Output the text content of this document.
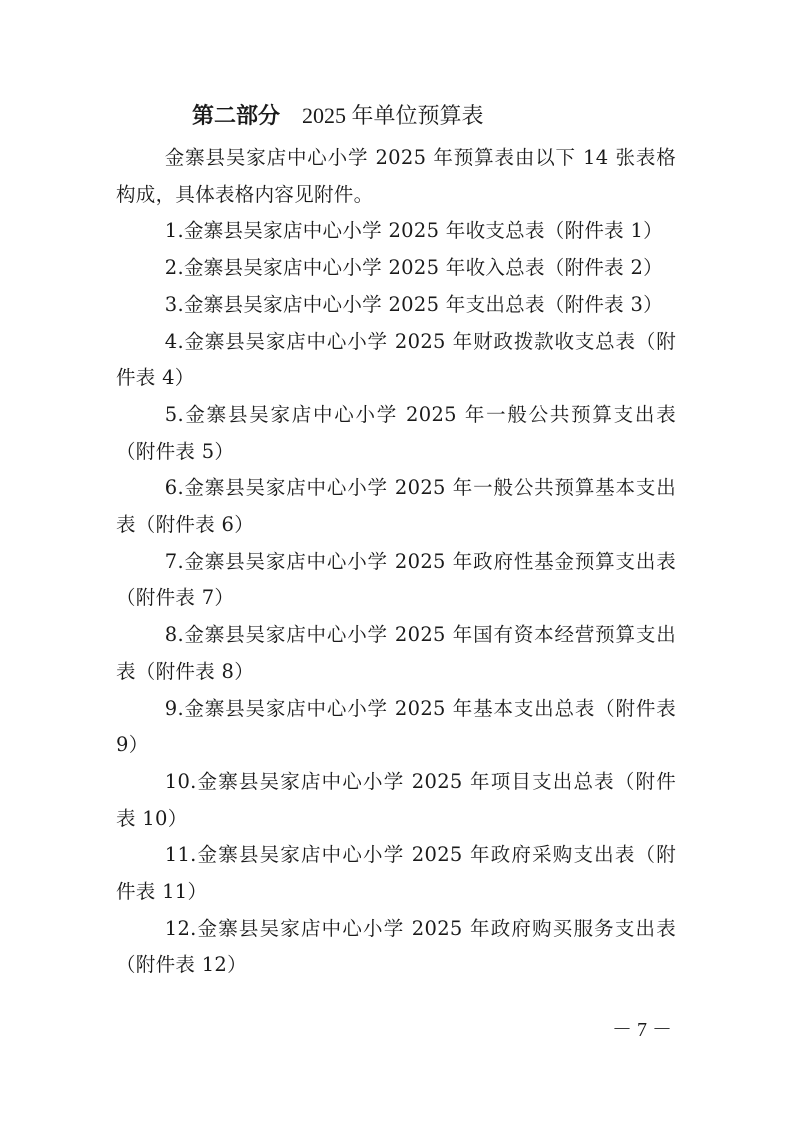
第二部分 2025 年单位预算表

金寨县吴家店中心小学 2025 年预算表由以下 14 张表格构成，具体表格内容见附件。

1.金寨县吴家店中心小学 2025 年收支总表（附件表 1）

2.金寨县吴家店中心小学 2025 年收入总表（附件表 2）

3.金寨县吴家店中心小学 2025 年支出总表（附件表 3）

4.金寨县吴家店中心小学 2025 年财政拨款收支总表（附件表 4）

5.金寨县吴家店中心小学 2025 年一般公共预算支出表（附件表 5）

6.金寨县吴家店中心小学 2025 年一般公共预算基本支出表（附件表 6）

7.金寨县吴家店中心小学 2025 年政府性基金预算支出表（附件表 7）

8.金寨县吴家店中心小学 2025 年国有资本经营预算支出表（附件表 8）

9.金寨县吴家店中心小学 2025 年基本支出总表（附件表 9）

10.金寨县吴家店中心小学 2025 年项目支出总表（附件表 10）

11.金寨县吴家店中心小学 2025 年政府采购支出表（附件表 11）

12.金寨县吴家店中心小学 2025 年政府购买服务支出表（附件表 12）

－ 7 －
